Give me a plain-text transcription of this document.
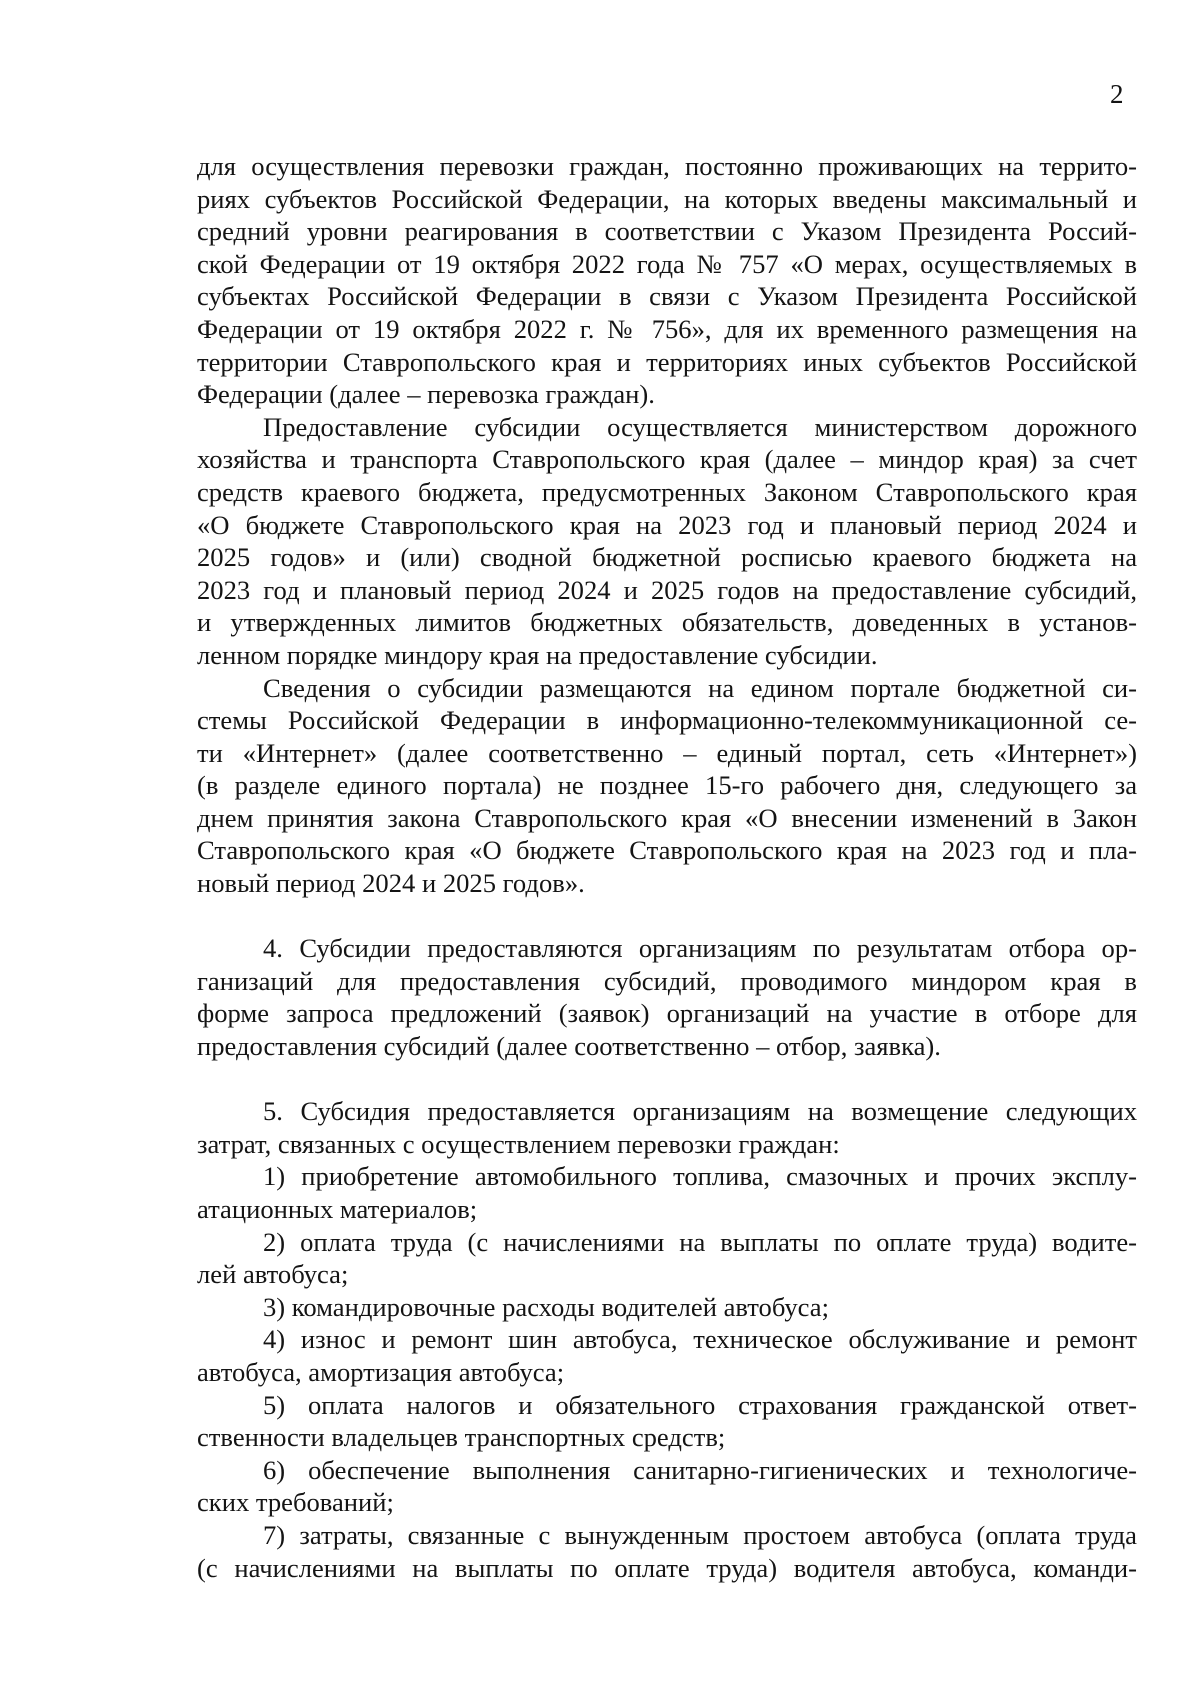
2
для осуществления перевозки граждан, постоянно проживающих на террито-
риях субъектов Российской Федерации, на которых введены максимальный и
средний уровни реагирования в соответствии с Указом Президента Россий-
ской Федерации от 19 октября 2022 года № 757 «О мерах, осуществляемых в
субъектах Российской Федерации в связи с Указом Президента Российской
Федерации от 19 октября 2022 г. № 756», для их временного размещения на
территории Ставропольского края и территориях иных субъектов Российской
Федерации (далее – перевозка граждан).
Предоставление субсидии осуществляется министерством дорожного
хозяйства и транспорта Ставропольского края (далее – миндор края) за счет
средств краевого бюджета, предусмотренных Законом Ставропольского края
«О бюджете Ставропольского края на 2023 год и плановый период 2024 и
2025 годов» и (или) сводной бюджетной росписью краевого бюджета на
2023 год и плановый период 2024 и 2025 годов на предоставление субсидий,
и утвержденных лимитов бюджетных обязательств, доведенных в установ-
ленном порядке миндору края на предоставление субсидии.
Сведения о субсидии размещаются на едином портале бюджетной си-
стемы Российской Федерации в информационно-телекоммуникационной се-
ти «Интернет» (далее соответственно – единый портал, сеть «Интернет»)
(в разделе единого портала) не позднее 15-го рабочего дня, следующего за
днем принятия закона Ставропольского края «О внесении изменений в Закон
Ставропольского края «О бюджете Ставропольского края на 2023 год и пла-
новый период 2024 и 2025 годов».
4. Субсидии предоставляются организациям по результатам отбора ор-
ганизаций для предоставления субсидий, проводимого миндором края в
форме запроса предложений (заявок) организаций на участие в отборе для
предоставления субсидий (далее соответственно – отбор, заявка).
5. Субсидия предоставляется организациям на возмещение следующих
затрат, связанных с осуществлением перевозки граждан:
1) приобретение автомобильного топлива, смазочных и прочих эксплу-
атационных материалов;
2) оплата труда (с начислениями на выплаты по оплате труда) водите-
лей автобуса;
3) командировочные расходы водителей автобуса;
4) износ и ремонт шин автобуса, техническое обслуживание и ремонт
автобуса, амортизация автобуса;
5) оплата налогов и обязательного страхования гражданской ответ-
ственности владельцев транспортных средств;
6) обеспечение выполнения санитарно-гигиенических и технологиче-
ских требований;
7) затраты, связанные с вынужденным простоем автобуса (оплата труда
(с начислениями на выплаты по оплате труда) водителя автобуса, команди-
